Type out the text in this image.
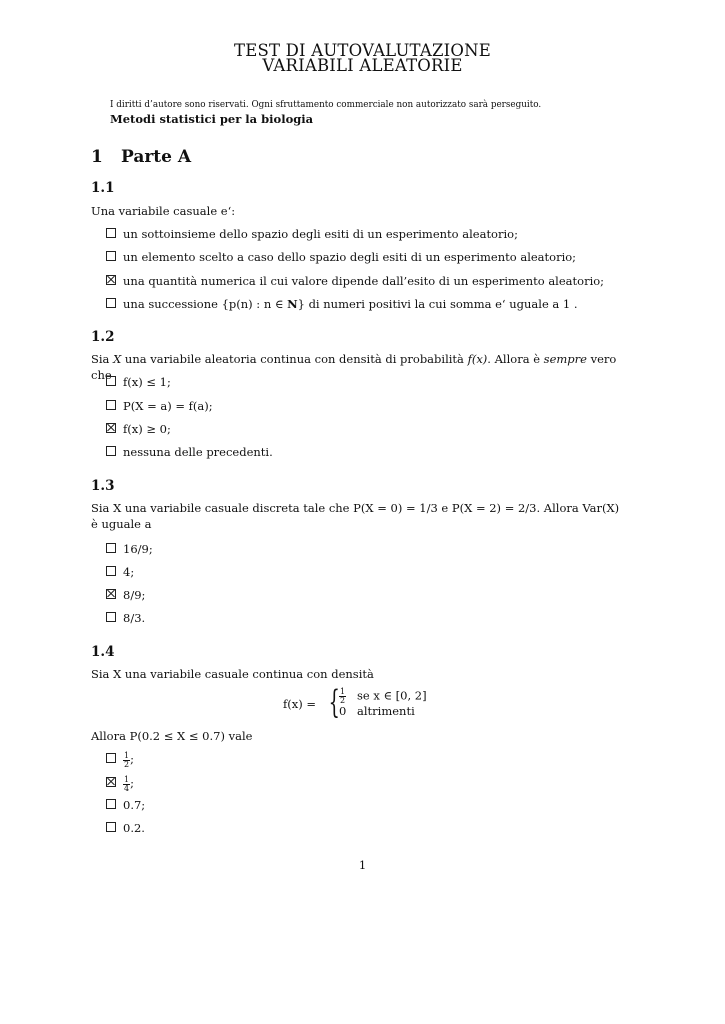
TEST DI AUTOVALUTAZIONE
VARIABILI ALEATORIE
I diritti d’autore sono riservati. Ogni sfruttamento commerciale non autorizzato sarà perseguito.
Metodi statistici per la biologia
1 Parte A
1.1
Una variabile casuale e‘:
un sottoinsieme dello spazio degli esiti di un esperimento aleatorio;
un elemento scelto a caso dello spazio degli esiti di un esperimento aleatorio;
una quantità numerica il cui valore dipende dall’esito di un esperimento aleatorio;
una successione {p(n) : n ∈ N} di numeri positivi la cui somma e‘ uguale a 1 .
1.2
Sia X una variabile aleatoria continua con densità di probabilità f(x). Allora è sempre vero che f(x) ≤ 1;
P(X = a) = f(a);
f(x) ≥ 0;
nessuna delle precedenti.
1.3
Sia X una variabile casuale discreta tale che P(X = 0) = 1/3 e P(X = 2) = 2/3. Allora Var(X) è uguale a
16/9;
4;
8/9;
8/3.
1.4
Sia X una variabile casuale continua con densità
f(x) = { $\frac{1}{2}$ se x ∈ [0, 2]
0 altrimenti
Allora P(0.2 ≤ X ≤ 0.7) vale
$\frac{1}{2}$ ;
$\frac{1}{4}$ ;
0.7;
0.2.
1
